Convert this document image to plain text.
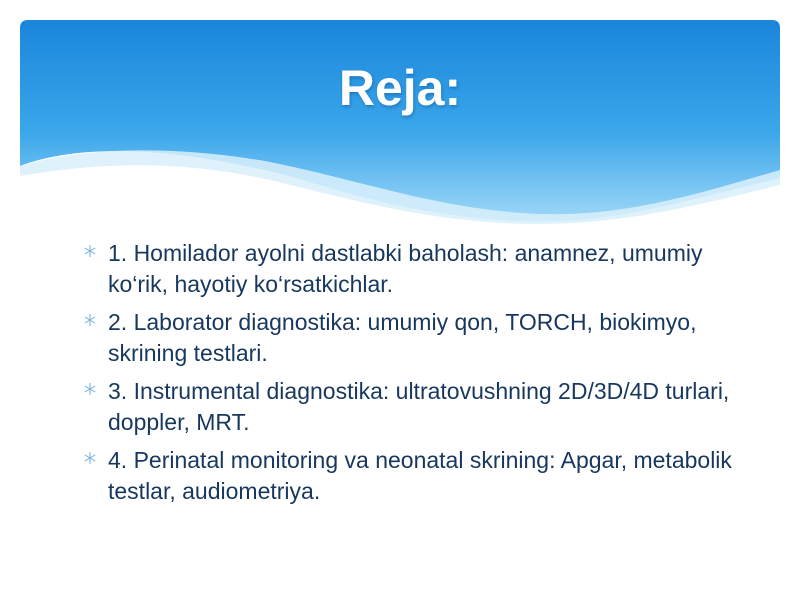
Reja:
1. Homilador ayolni dastlabki baholash: anamnez, umumiy ko‘rik, hayotiy ko‘rsatkichlar.
2. Laborator diagnostika: umumiy qon, TORCH, biokimyo, skrining testlari.
3. Instrumental diagnostika: ultratovushning 2D/3D/4D turlari, doppler, MRT.
4. Perinatal monitoring va neonatal skrining: Apgar, metabolik testlar, audiometriya.
